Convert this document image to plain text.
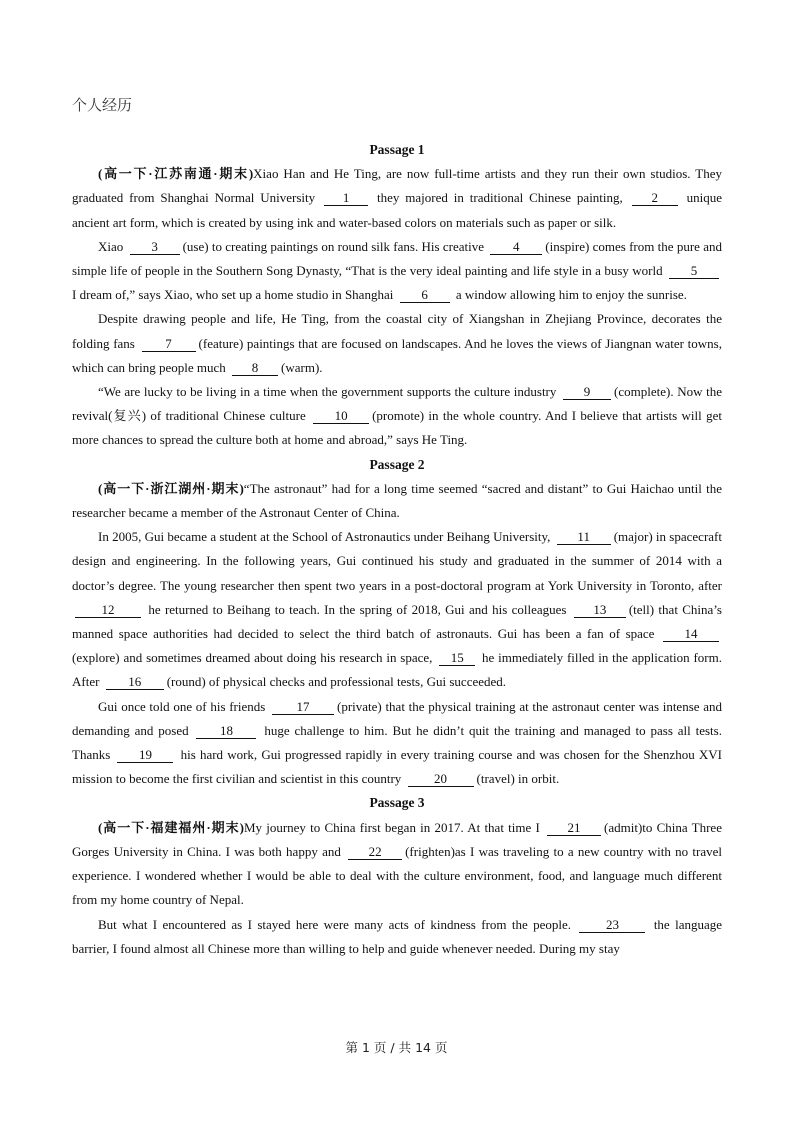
个人经历
Passage 1

(高一下·江苏南通·期末)Xiao Han and He Ting, are now full-time artists and they run their own studios. They graduated from Shanghai Normal University 1 they majored in traditional Chinese painting, 2 unique ancient art form, which is created by using ink and water-based colors on materials such as paper or silk.

Xiao 3 (use) to creating paintings on round silk fans. His creative 4 (inspire) comes from the pure and simple life of people in the Southern Song Dynasty, “That is the very ideal painting and life style in a busy world 5 I dream of,” says Xiao, who set up a home studio in Shanghai 6 a window allowing him to enjoy the sunrise.

Despite drawing people and life, He Ting, from the coastal city of Xiangshan in Zhejiang Province, decorates the folding fans 7 (feature) paintings that are focused on landscapes. And he loves the views of Jiangnan water towns, which can bring people much 8 (warm).

“We are lucky to be living in a time when the government supports the culture industry 9 (complete). Now the revival(复兴) of traditional Chinese culture 10 (promote) in the whole country. And I believe that artists will get more chances to spread the culture both at home and abroad,” says He Ting.

Passage 2

(高一下·浙江湖州·期末)“The astronaut” had for a long time seemed “sacred and distant” to Gui Haichao until the researcher became a member of the Astronaut Center of China.

In 2005, Gui became a student at the School of Astronautics under Beihang University, 11 (major) in spacecraft design and engineering. In the following years, Gui continued his study and graduated in the summer of 2014 with a doctor’s degree. The young researcher then spent two years in a post-doctoral program at York University in Toronto, after 12 he returned to Beihang to teach. In the spring of 2018, Gui and his colleagues 13 (tell) that China’s manned space authorities had decided to select the third batch of astronauts. Gui has been a fan of space 14(explore) and sometimes dreamed about doing his research in space, 15 he immediately filled in the application form. After 16 (round) of physical checks and professional tests, Gui succeeded.

Gui once told one of his friends 17 (private) that the physical training at the astronaut center was intense and demanding and posed 18 huge challenge to him. But he didn’t quit the training and managed to pass all tests. Thanks 19 his hard work, Gui progressed rapidly in every training course and was chosen for the Shenzhou XVI mission to become the first civilian and scientist in this country 20 (travel) in orbit.

Passage 3

(高一下·福建福州·期末)My journey to China first began in 2017. At that time I 21 (admit)to China Three Gorges University in China. I was both happy and 22 (frighten)as I was traveling to a new country with no travel experience. I wondered whether I would be able to deal with the culture environment, food, and language much different from my home country of Nepal.

But what I encountered as I stayed here were many acts of kindness from the people. 23 the language barrier, I found almost all Chinese more than willing to help and guide whenever needed. During my stay

第 1 页 / 共 14 页
